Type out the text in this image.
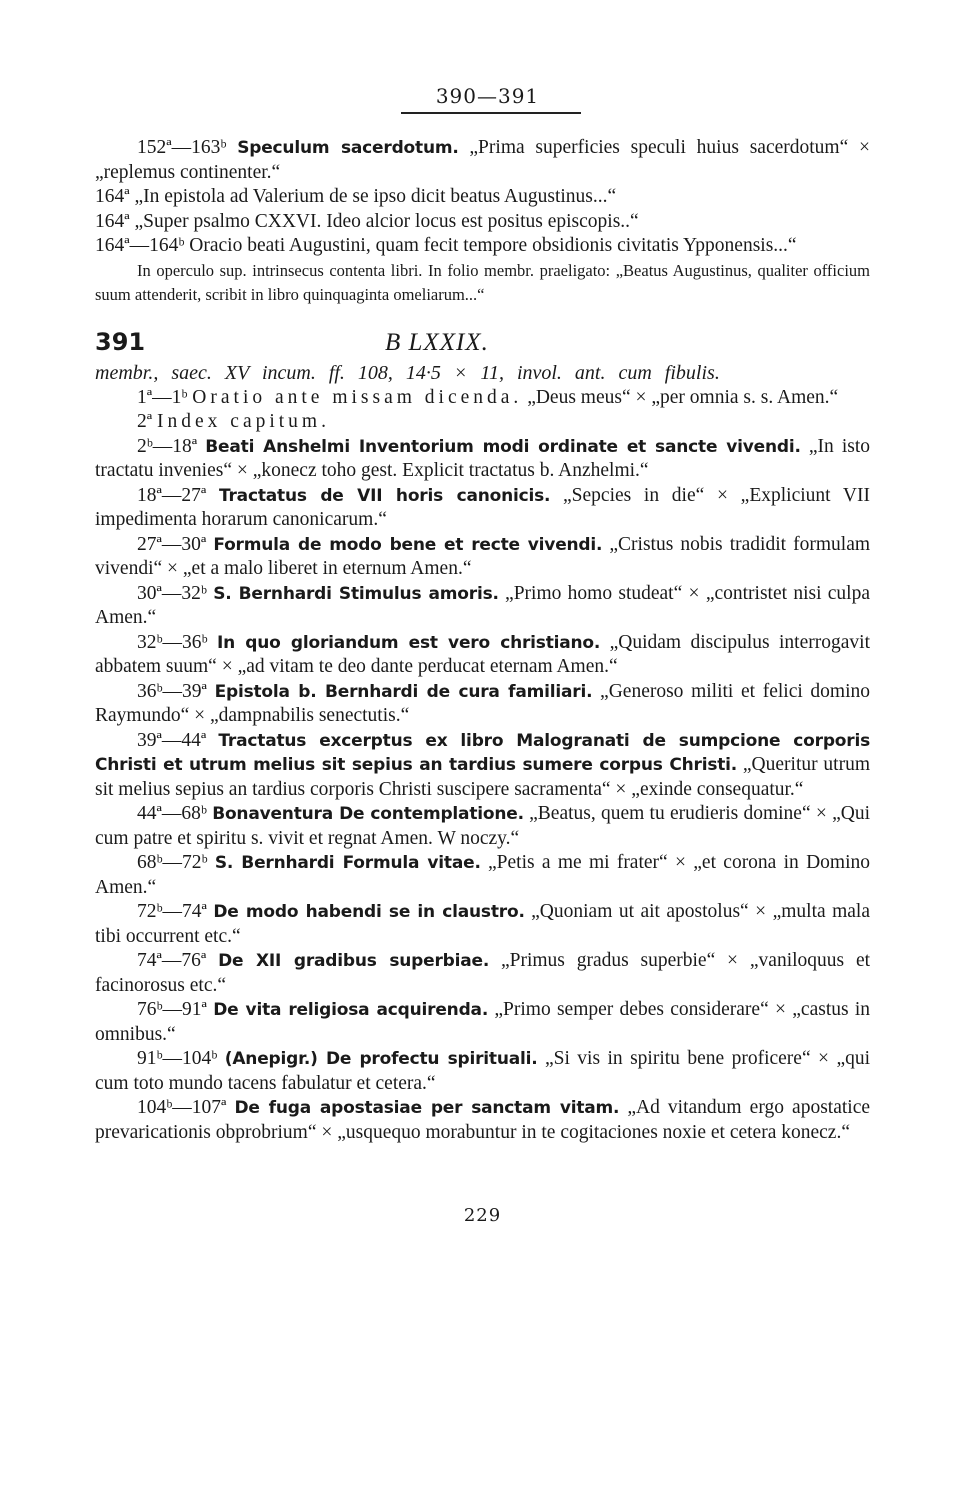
390—391
152ª—163ᵇ Speculum sacerdotum. „Prima superficies speculi huius sacerdotum“ × „replemus continenter.“
164ª „In epistola ad Valerium de se ipso dicit beatus Augustinus...“
164ª „Super psalmo CXXVI. Ideo alcior locus est positus episcopis..“
164ª—164ᵇ Oracio beati Augustini, quam fecit tempore obsidionis civitatis Ypponensis...“
In operculo sup. intrinsecus contenta libri. In folio membr. praeligato: „Beatus Augustinus, qualiter officium suum attenderit, scribit in libro quinquaginta omeliarum...“
391	B LXXIX.
membr., saec. XV incum. ff. 108, 14·5 × 11, invol. ant. cum fibulis.
1ª—1ᵇ Oratio ante missam dicenda. „Deus meus“ × „per omnia s. s. Amen.“
2ª Index capitum.
2ᵇ—18ª Beati Anshelmi Inventorium modi ordinate et sancte vivendi. „In isto tractatu invenies“ × „konecz toho gest. Explicit tractatus b. Anzhelmi.“
18ª—27ª Tractatus de VII horis canonicis. „Sepcies in die“ × „Expliciunt VII impedimenta horarum canonicarum.“
27ª—30ª Formula de modo bene et recte vivendi. „Cristus nobis tradidit formulam vivendi“ × „et a malo liberet in eternum Amen.“
30ª—32ᵇ S. Bernhardi Stimulus amoris. „Primo homo studeat“ × „contristet nisi culpa Amen.“
32ᵇ—36ᵇ In quo gloriandum est vero christiano. „Quidam discipulus interrogavit abbatem suum“ × „ad vitam te deo dante perducat eternam Amen.“
36ᵇ—39ª Epistola b. Bernhardi de cura familiari. „Generoso militi et felici domino Raymundo“ × „dampnabilis senectutis.“
39ª—44ª Tractatus excerptus ex libro Malogranati de sumpcione corporis Christi et utrum melius sit sepius an tardius sumere corpus Christi. „Queritur utrum sit melius sepius an tardius corporis Christi suscipere sacramenta“ × „exinde consequatur.“
44ª—68ᵇ Bonaventura De contemplatione. „Beatus, quem tu erudieris domine“ × „Qui cum patre et spiritu s. vivit et regnat Amen. W noczy.“
68ᵇ—72ᵇ S. Bernhardi Formula vitae. „Petis a me mi frater“ × „et corona in Domino Amen.“
72ᵇ—74ª De modo habendi se in claustro. „Quoniam ut ait apostolus“ × „multa mala tibi occurrent etc.“
74ª—76ª De XII gradibus superbiae. „Primus gradus superbie“ × „vaniloquus et facinorosus etc.“
76ᵇ—91ª De vita religiosa acquirenda. „Primo semper debes considerare“ × „castus in omnibus.“
91ᵇ—104ᵇ (Anepigr.) De profectu spirituali. „Si vis in spiritu bene proficere“ × „qui cum toto mundo tacens fabulatur et cetera.“
104ᵇ—107ª De fuga apostasiae per sanctam vitam. „Ad vitandum ergo apostatice prevaricationis obprobrium“ × „usquequo morabuntur in te cogitaciones noxie et cetera konecz.“
229
